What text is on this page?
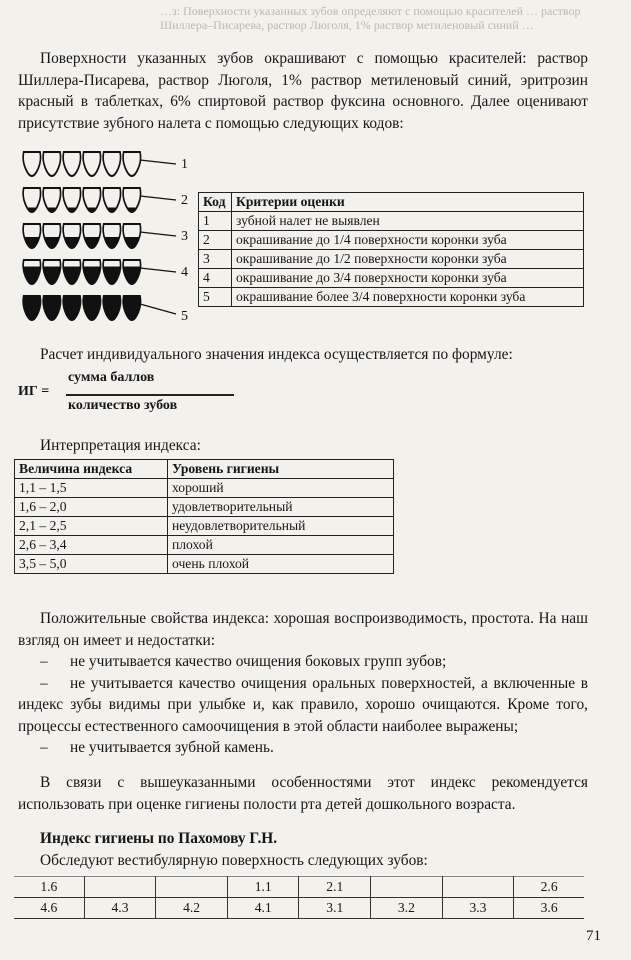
…з: Поверхности указанных зубов определяют с помощью красителей … раствор Шиллера–Писарева, раствор Люголя, 1% раствор метиленовый синий …

Поверхности указанных зубов окрашивают с помощью красителей: раствор Шиллера-Писарева, раствор Люголя, 1% раствор метиленовый синий, эритрозин красный в таблетках, 6% спиртовой раствор фуксина основного. Далее оценивают присутствие зубного налета с помощью следующих кодов:

1
2
3
4
5
Код	Критерии оценки
1	зубной налет не выявлен
2	окрашивание до 1/4 поверхности коронки зуба
3	окрашивание до 1/2 поверхности коронки зуба
4	окрашивание до 3/4 поверхности коронки зуба
5	окрашивание более 3/4 поверхности коронки зуба
Расчет индивидуального значения индекса осуществляется по формуле:
ИГ =
сумма баллов
количество зубов
Интерпретация индекса:
Величина индекса	Уровень гигиены
1,1 – 1,5	хороший
1,6 – 2,0	удовлетворительный
2,1 – 2,5	неудовлетворительный
2,6 – 3,4	плохой
3,5 – 5,0	очень плохой
Положительные свойства индекса: хорошая воспроизводимость, простота. На наш взгляд он имеет и недостатки:
– не учитывается качество очищения боковых групп зубов;
– не учитывается качество очищения оральных поверхностей, а включенные в индекс зубы видимы при улыбке и, как правило, хорошо очищаются. Кроме того, процессы естественного самоочищения в этой области наиболее выражены;
– не учитывается зубной камень.

В связи с вышеуказанными особенностями этот индекс рекомендуется использовать при оценке гигиены полости рта детей дошкольного возраста.

Индекс гигиены по Пахомову Г.Н.
Обследуют вестибулярную поверхность следующих зубов:
1.6			1.1	2.1			2.6
4.6	4.3	4.2	4.1	3.1	3.2	3.3	3.6
71
